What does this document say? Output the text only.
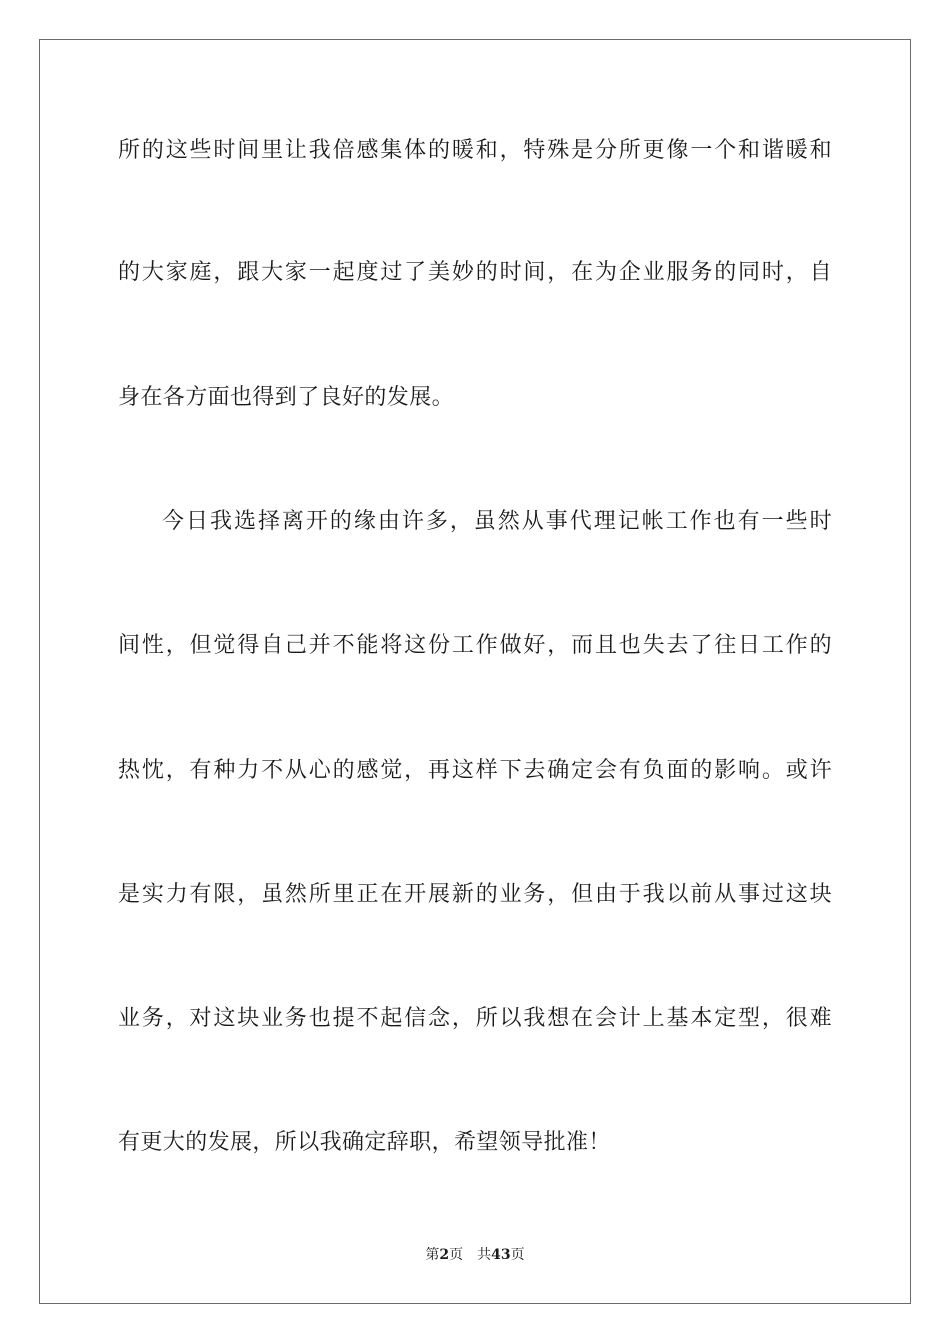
所的这些时间里让我倍感集体的暖和，特殊是分所更像一个和谐暖和
的大家庭，跟大家一起度过了美妙的时间，在为企业服务的同时，自
身在各方面也得到了良好的发展。
今日我选择离开的缘由许多，虽然从事代理记帐工作也有一些时
间性，但觉得自己并不能将这份工作做好，而且也失去了往日工作的
热忱，有种力不从心的感觉，再这样下去确定会有负面的影响。或许
是实力有限，虽然所里正在开展新的业务，但由于我以前从事过这块
业务，对这块业务也提不起信念，所以我想在会计上基本定型，很难
有更大的发展，所以我确定辞职，希望领导批准！
第2页 共43页
